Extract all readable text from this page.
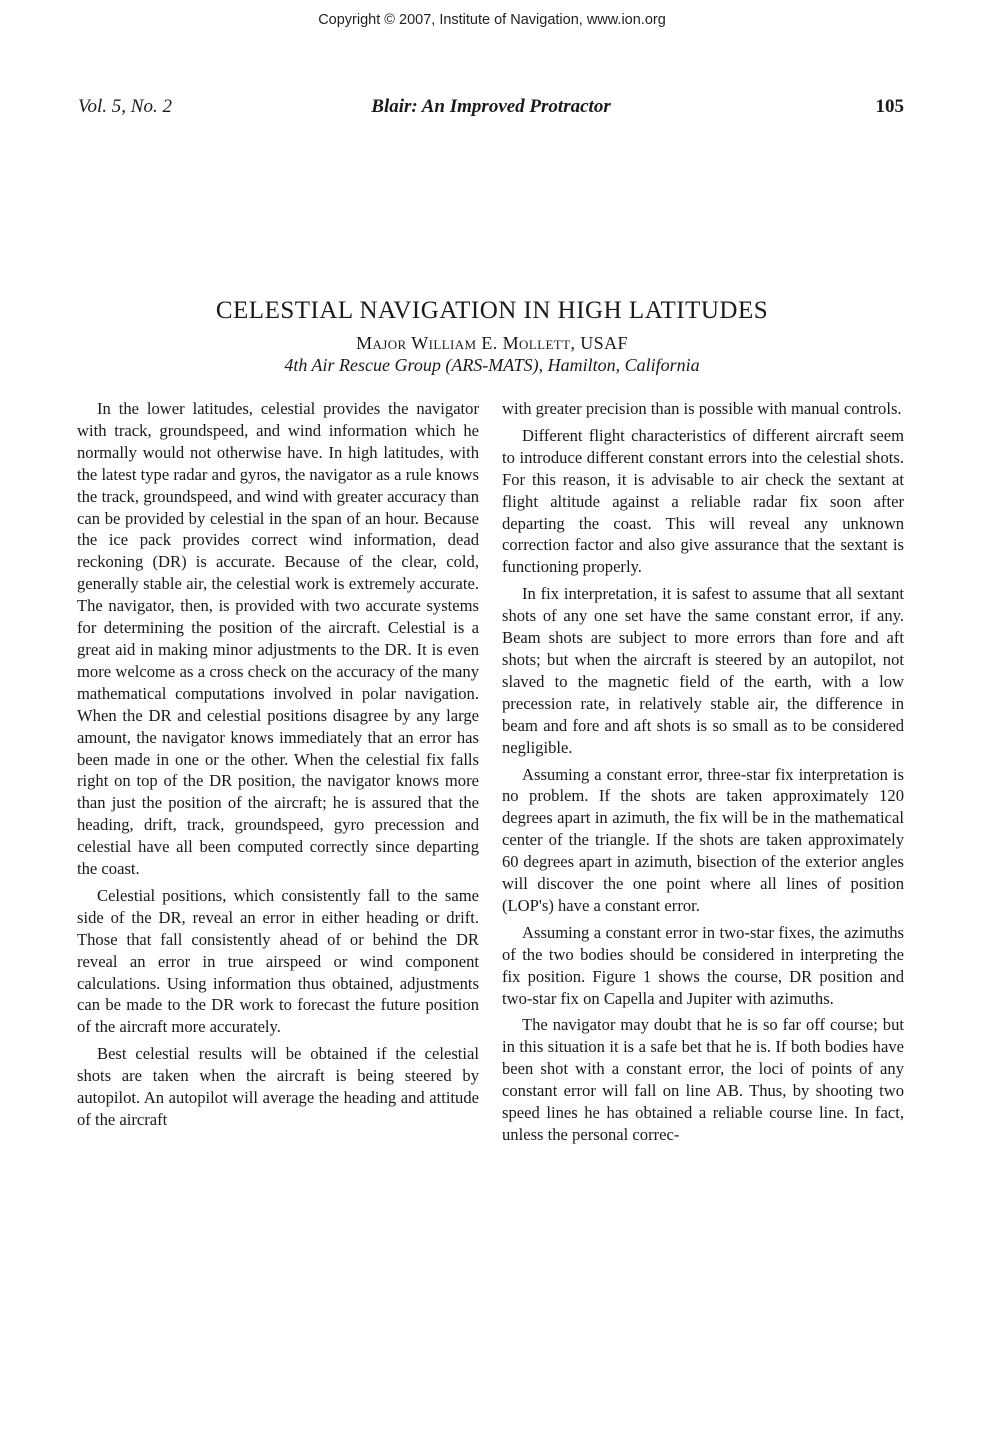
Copyright © 2007, Institute of Navigation, www.ion.org
Vol. 5, No. 2	Blair: An Improved Protractor	105
CELESTIAL NAVIGATION IN HIGH LATITUDES
Major William E. Mollett, USAF
4th Air Rescue Group (ARS-MATS), Hamilton, California

In the lower latitudes, celestial provides the navigator with track, groundspeed, and wind information which he normally would not otherwise have. In high latitudes, with the latest type radar and gyros, the navigator as a rule knows the track, groundspeed, and wind with greater accuracy than can be provided by celestial in the span of an hour. Because the ice pack provides correct wind information, dead reckoning (DR) is accurate. Because of the clear, cold, generally stable air, the celestial work is extremely accurate. The navigator, then, is provided with two accurate systems for determining the position of the aircraft. Celestial is a great aid in making minor adjustments to the DR. It is even more welcome as a cross check on the accuracy of the many mathematical computations involved in polar navigation. When the DR and celestial positions disagree by any large amount, the navigator knows immediately that an error has been made in one or the other. When the celestial fix falls right on top of the DR position, the navigator knows more than just the position of the aircraft; he is assured that the heading, drift, track, groundspeed, gyro precession and celestial have all been computed correctly since departing the coast.

Celestial positions, which consistently fall to the same side of the DR, reveal an error in either heading or drift. Those that fall consistently ahead of or behind the DR reveal an error in true airspeed or wind component calculations. Using information thus obtained, adjustments can be made to the DR work to forecast the future position of the aircraft more accurately.

Best celestial results will be obtained if the celestial shots are taken when the aircraft is being steered by autopilot. An autopilot will average the heading and attitude of the aircraft

with greater precision than is possible with manual controls.

Different flight characteristics of different aircraft seem to introduce different constant errors into the celestial shots. For this reason, it is advisable to air check the sextant at flight altitude against a reliable radar fix soon after departing the coast. This will reveal any unknown correction factor and also give assurance that the sextant is functioning properly.

In fix interpretation, it is safest to assume that all sextant shots of any one set have the same constant error, if any. Beam shots are subject to more errors than fore and aft shots; but when the aircraft is steered by an autopilot, not slaved to the magnetic field of the earth, with a low precession rate, in relatively stable air, the difference in beam and fore and aft shots is so small as to be considered negligible.

Assuming a constant error, three-star fix interpretation is no problem. If the shots are taken approximately 120 degrees apart in azimuth, the fix will be in the mathematical center of the triangle. If the shots are taken approximately 60 degrees apart in azimuth, bisection of the exterior angles will discover the one point where all lines of position (LOP's) have a constant error.

Assuming a constant error in two-star fixes, the azimuths of the two bodies should be considered in interpreting the fix position. Figure 1 shows the course, DR position and two-star fix on Capella and Jupiter with azimuths.

The navigator may doubt that he is so far off course; but in this situation it is a safe bet that he is. If both bodies have been shot with a constant error, the loci of points of any constant error will fall on line AB. Thus, by shooting two speed lines he has obtained a reliable course line. In fact, unless the personal correc-
